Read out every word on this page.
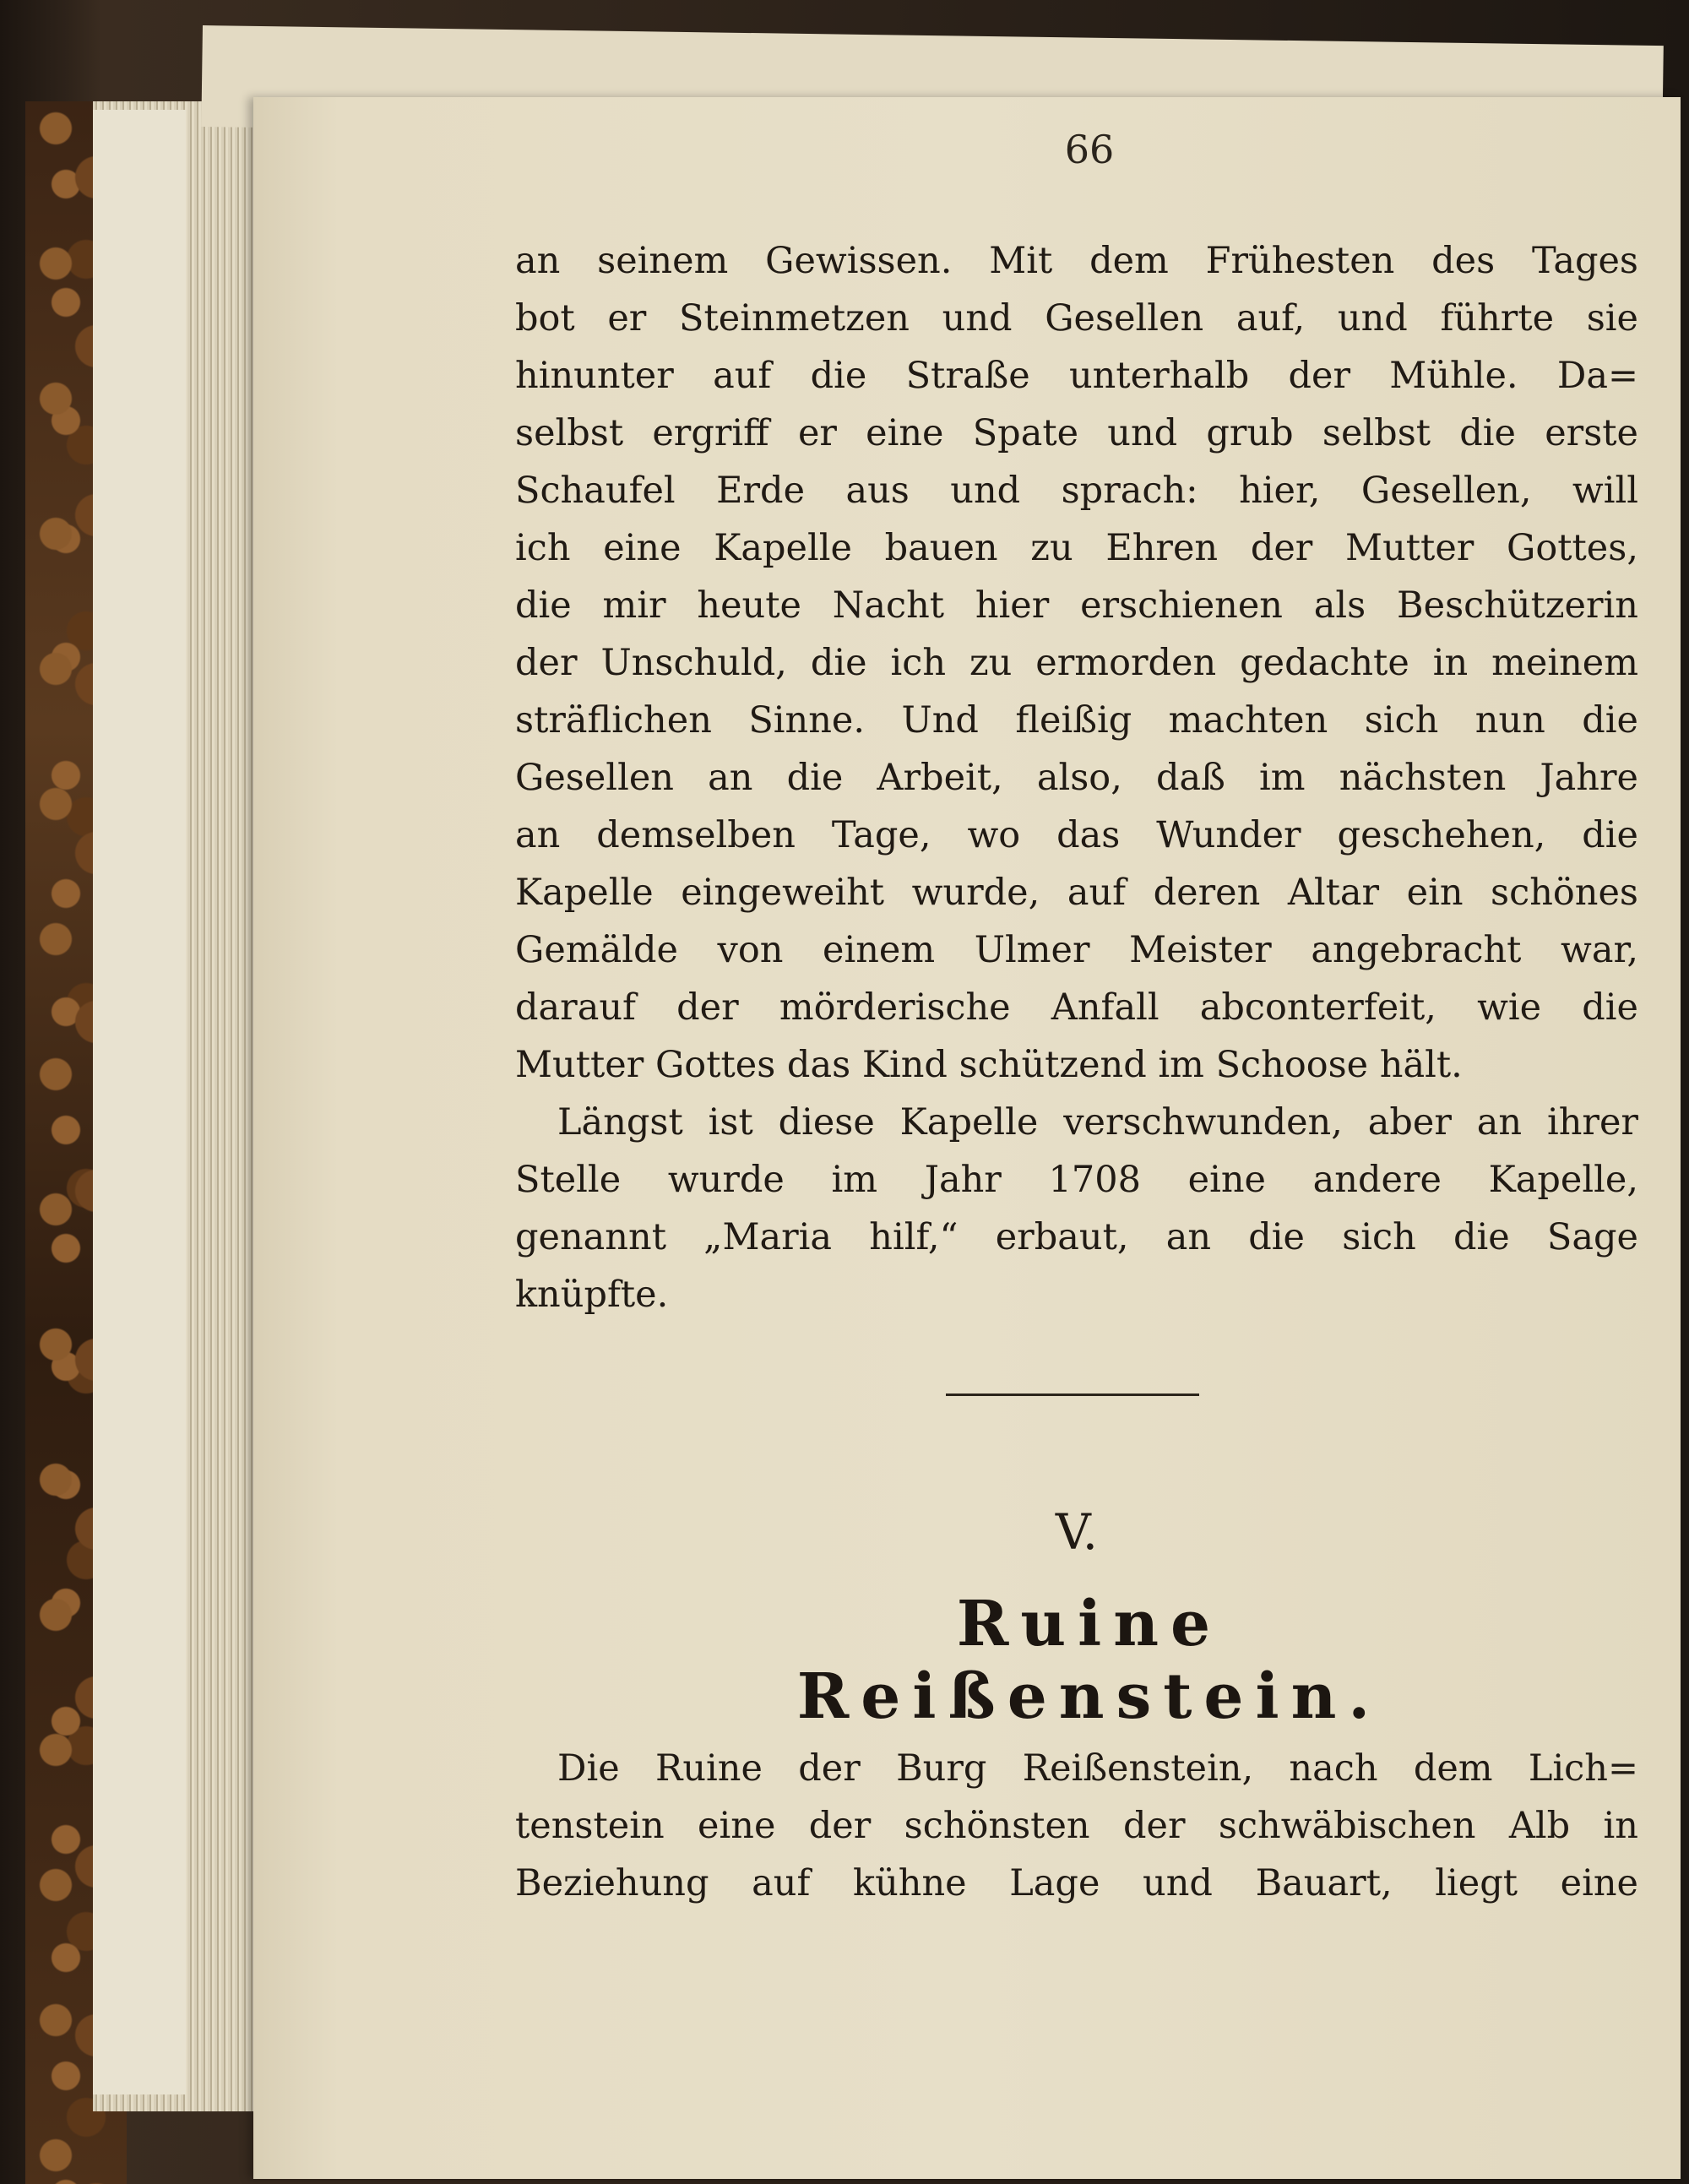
66
an seinem Gewissen. Mit dem Frühesten des Tages
bot er Steinmetzen und Gesellen auf, und führte sie
hinunter auf die Straße unterhalb der Mühle. Da=
selbst ergriff er eine Spate und grub selbst die erste
Schaufel Erde aus und sprach: hier, Gesellen, will
ich eine Kapelle bauen zu Ehren der Mutter Gottes,
die mir heute Nacht hier erschienen als Beschützerin
der Unschuld, die ich zu ermorden gedachte in meinem
sträflichen Sinne. Und fleißig machten sich nun die
Gesellen an die Arbeit, also, daß im nächsten Jahre
an demselben Tage, wo das Wunder geschehen, die
Kapelle eingeweiht wurde, auf deren Altar ein schönes
Gemälde von einem Ulmer Meister angebracht war,
darauf der mörderische Anfall abconterfeit, wie die
Mutter Gottes das Kind schützend im Schoose hält.
Längst ist diese Kapelle verschwunden, aber an ihrer
Stelle wurde im Jahr 1708 eine andere Kapelle,
genannt „Maria hilf,“ erbaut, an die sich die Sage
knüpfte.
V.
Ruine Reißenstein.
Die Ruine der Burg Reißenstein, nach dem Lich=
tenstein eine der schönsten der schwäbischen Alb in
Beziehung auf kühne Lage und Bauart, liegt eine
